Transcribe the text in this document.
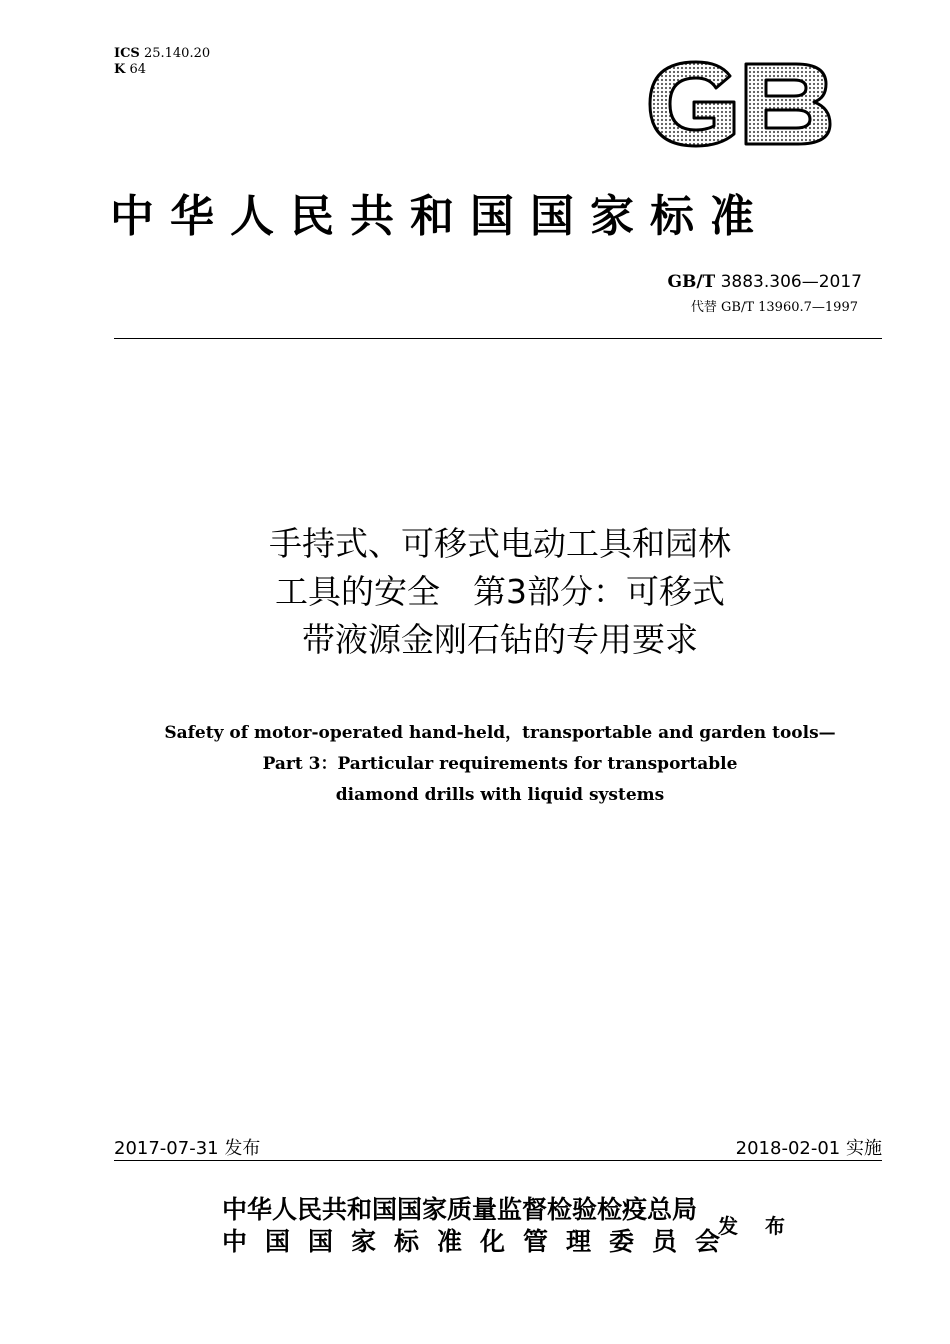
ICS 25.140.20
K 64
GB
中华人民共和国国家标准
GB/T 3883.306—2017
代替 GB/T 13960.7—1997
手持式、可移式电动工具和园林
工具的安全　第3部分：可移式
带液源金刚石钻的专用要求
Safety of motor-operated hand-held，transportable and garden tools—
Part 3：Particular requirements for transportable
diamond drills with liquid systems
2017-07-31 发布	2018-02-01 实施
中华人民共和国国家质量监督检验检疫总局
中国国家标准化管理委员会
发 布
